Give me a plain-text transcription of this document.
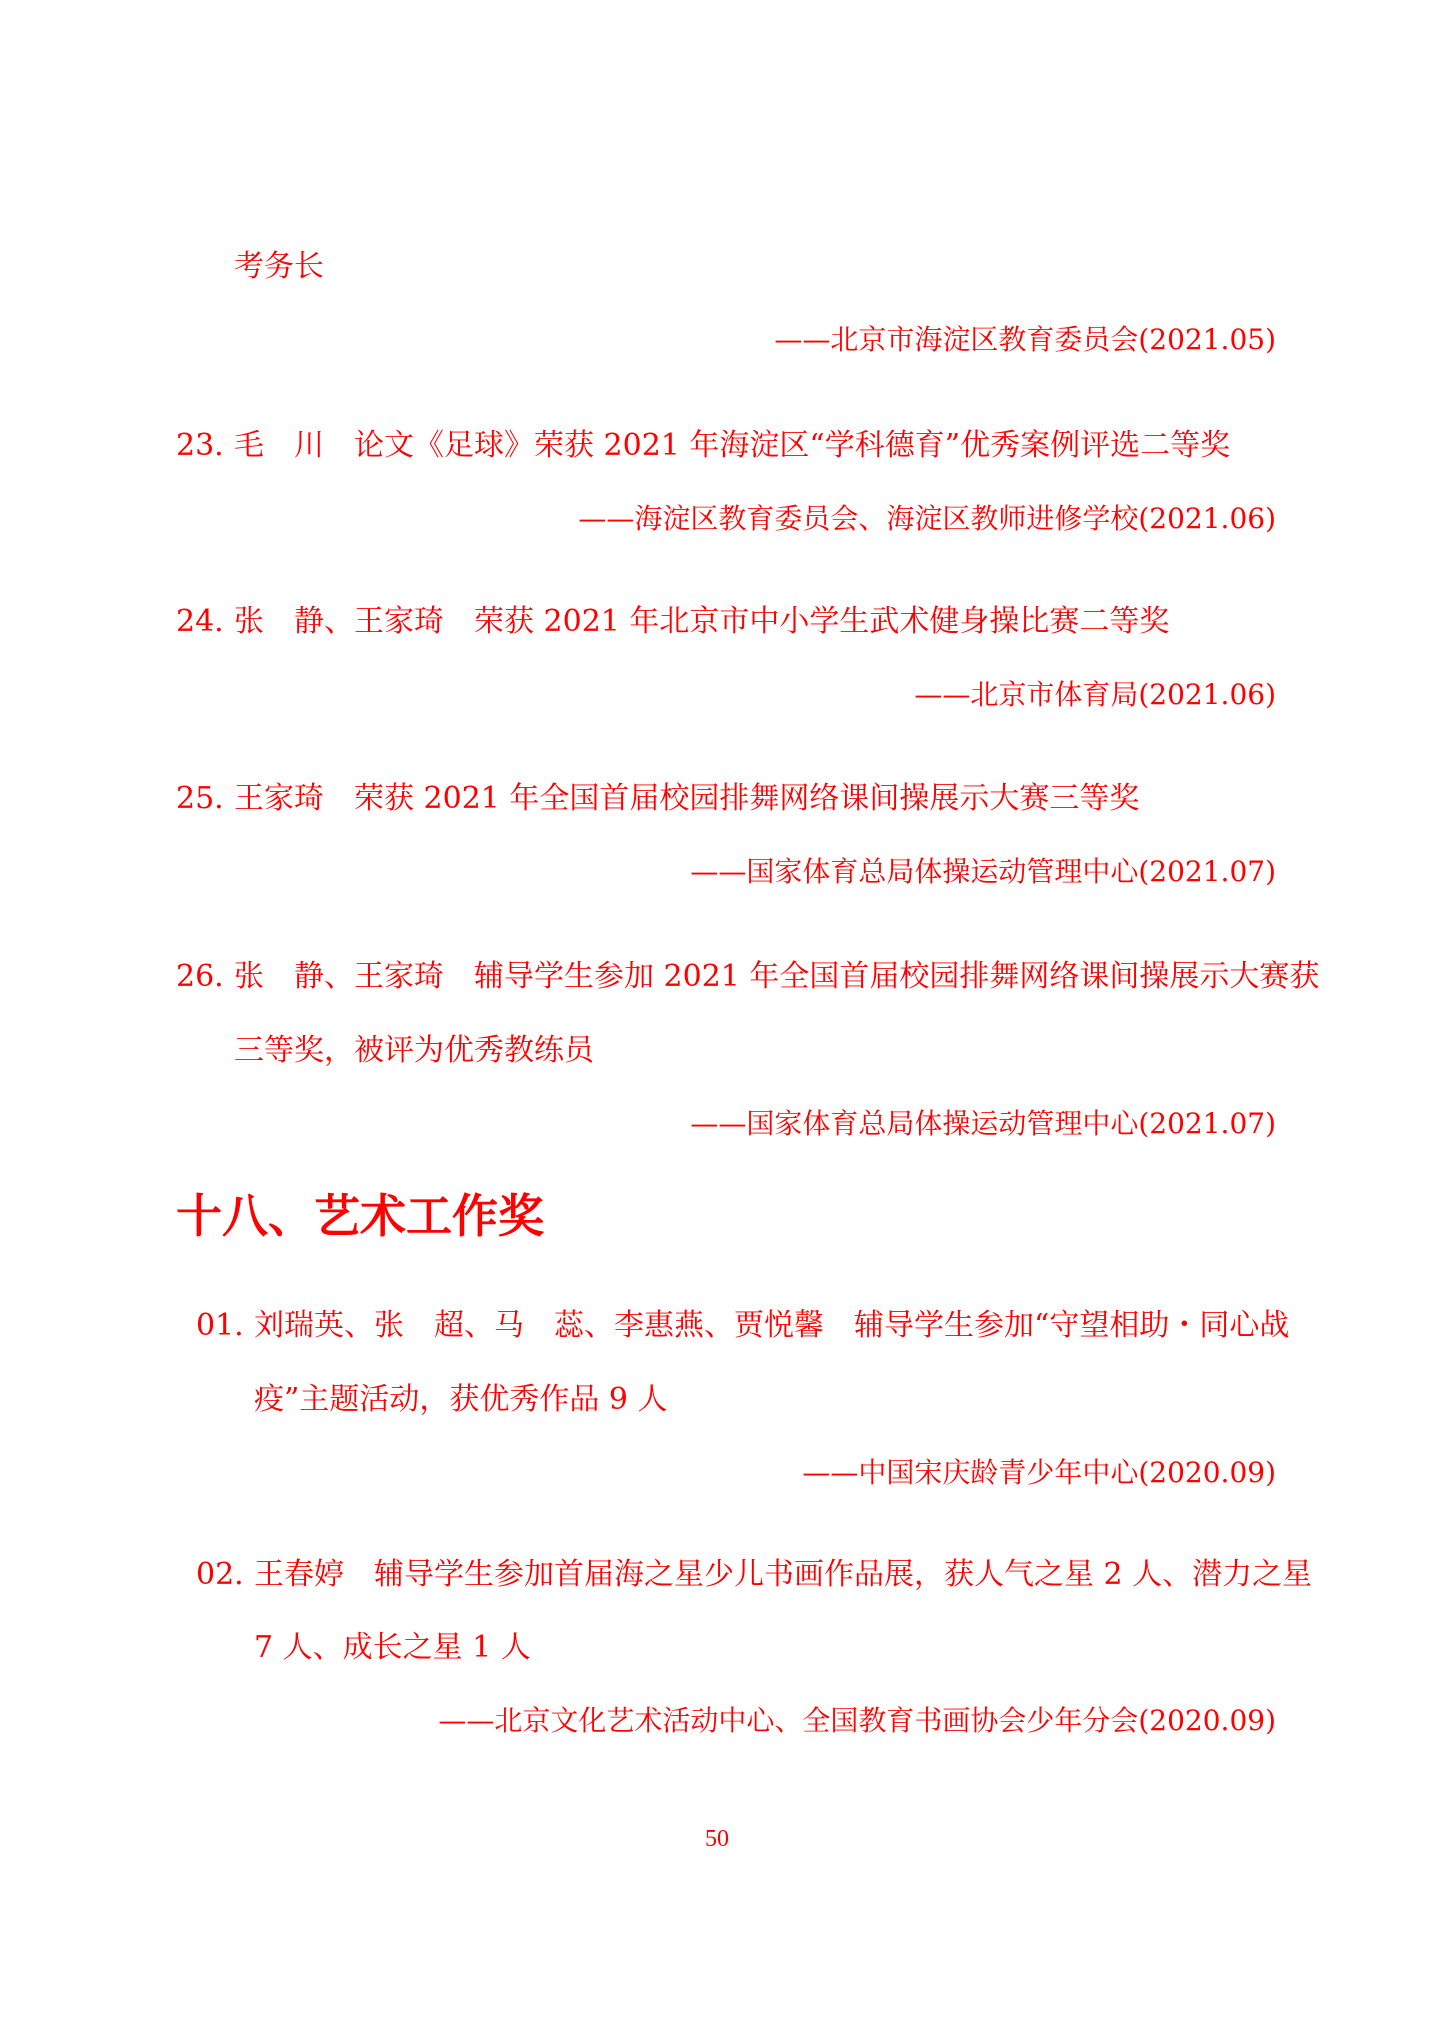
考务长
——北京市海淀区教育委员会(2021.05)
23. 毛　川 论文《足球》荣获 2021 年海淀区“学科德育”优秀案例评选二等奖
——海淀区教育委员会、海淀区教师进修学校(2021.06)
24. 张　静、王家琦 荣获 2021 年北京市中小学生武术健身操比赛二等奖
——北京市体育局(2021.06)
25. 王家琦 荣获 2021 年全国首届校园排舞网络课间操展示大赛三等奖
——国家体育总局体操运动管理中心(2021.07)
26. 张　静、王家琦 辅导学生参加 2021 年全国首届校园排舞网络课间操展示大赛获
三等奖，被评为优秀教练员
——国家体育总局体操运动管理中心(2021.07)
十八、艺术工作奖
01. 刘瑞英、张　超、马　蕊、李惠燕、贾悦馨 辅导学生参加“守望相助・同心战
疫”主题活动，获优秀作品 9 人
——中国宋庆龄青少年中心(2020.09)
02. 王春婷 辅导学生参加首届海之星少儿书画作品展，获人气之星 2 人、潜力之星
7 人、成长之星 1 人
——北京文化艺术活动中心、全国教育书画协会少年分会(2020.09)
50
